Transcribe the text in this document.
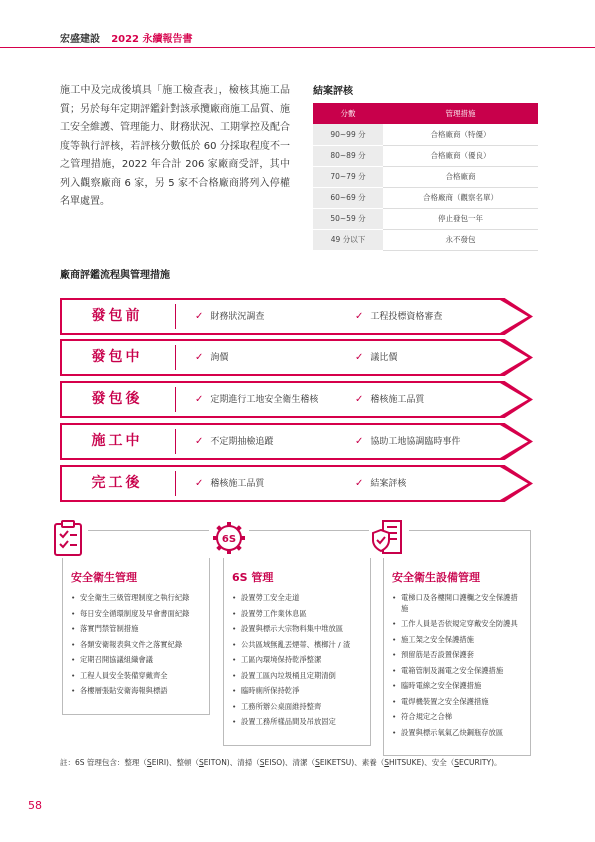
宏盛建設 2022 永續報告書

施工中及完成後填具「施工檢查表」，檢核其施工品質；另於每年定期評鑑針對該承攬廠商施工品質、施工安全維護、管理能力、財務狀況、工期掌控及配合度等執行評核，若評核分數低於 60 分採取程度不一之管理措施，2022 年合計 206 家廠商受評，其中列入觀察廠商 6 家，另 5 家不合格廠商將列入停權名單處置。

結案評核
分數	管理措施
90~99 分	合格廠商（特優）
80~89 分	合格廠商（優良）
70~79 分	合格廠商
60~69 分	合格廠商（觀察名單）
50~59 分	停止發包一年
49 分以下	永不發包
廠商評鑑流程與管理措施
發包前	✓ 財務狀況調查	✓ 工程投標資格審查
發包中	✓ 詢價	✓ 議比價
發包後	✓ 定期進行工地安全衛生稽核	✓ 稽核施工品質
施工中	✓ 不定期抽檢追蹤	✓ 協助工地協調臨時事件
完工後	✓ 稽核施工品質	✓ 結案評核
安全衛生管理
• 安全衛生三級管理制度之執行紀錄
• 每日安全循環制度及早會書面紀錄
• 落實門禁管制措施
• 各類安衛報表與文件之落實紀錄
• 定期召開協議組織會議
• 工程人員安全裝備穿戴齊全
• 各樓層張貼安衛海報與標語
6S 管理
• 設置勞工安全走道
• 設置勞工作業休息區
• 設置與標示大宗物料集中堆放區
• 公共區域無亂丟煙蒂、檳榔汁 / 渣
• 工區內環境保持乾淨整潔
• 設置工區內垃圾桶且定期清倒
• 臨時廁所保持乾淨
• 工務所辦公桌面維持整齊
• 設置工務所樣品間及吊放固定
6S
安全衛生設備管理
• 電梯口及各樓開口護欄之安全保護措施
• 工作人員是否依規定穿戴安全防護具
• 施工架之安全保護措施
• 預留筋是否設置保護套
• 電箱管制及漏電之安全保護措施
• 臨時電線之安全保護措施
• 電焊機裝置之安全保護措施
• 符合規定之合梯
• 設置與標示氧氣乙炔鋼瓶存放區
註：6S 管理包含：整理（SEIRI)、整頓（SEITON)、清掃（SEISO)、清潔（SEIKETSU)、素養（SHITSUKE)、安全（SECURITY)。
58
